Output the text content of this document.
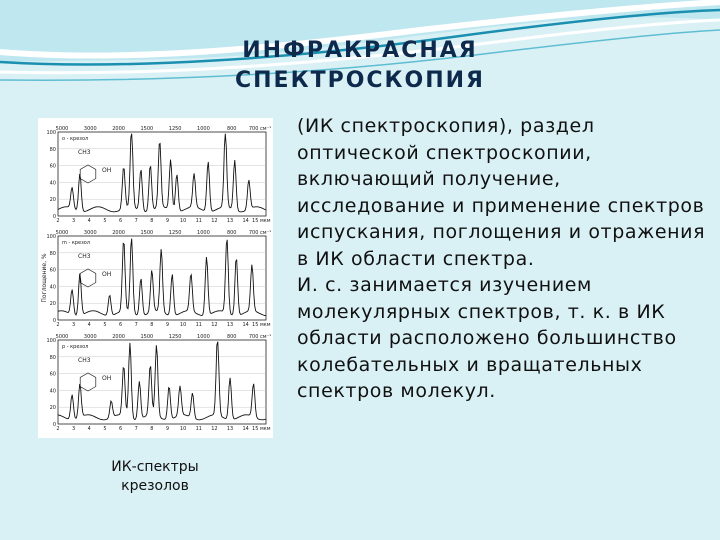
ИНФРАКРАСНАЯ
СПЕКТРОСКОПИЯ
Поглощение, %
5000	3000	2000	1500	1250	1000	800 700 см⁻¹
0
20
40
60
80
100
2 3 4 5 6 7 8 9 10 11 12 13 14 15 мкм
o - крезол
CH3
OH
5000	3000	2000	1500	1250	1000	800 700 см⁻¹
0
20
40
60
80
100
2 3 4 5 6 7 8 9 10 11 12 13 14 15 мкм
m - крезол
CH3
OH
5000	3000	2000	1500	1250	1000	800 700 см⁻¹
0
20
40
60
80
100
2 3 4 5 6 7 8 9 10 11 12 13 14 15 мкм
p - крезол
CH3
OH
ИК-спектры
крезолов

(ИК спектроскопия), раздел оптической спектроскопии, включающий получение, исследование и применение спектров испускания, поглощения и отражения в ИК области спектра.

И. с. занимается изучением молекулярных спектров, т. к. в ИК области расположено большинство колебательных и вращательных спектров молекул.
